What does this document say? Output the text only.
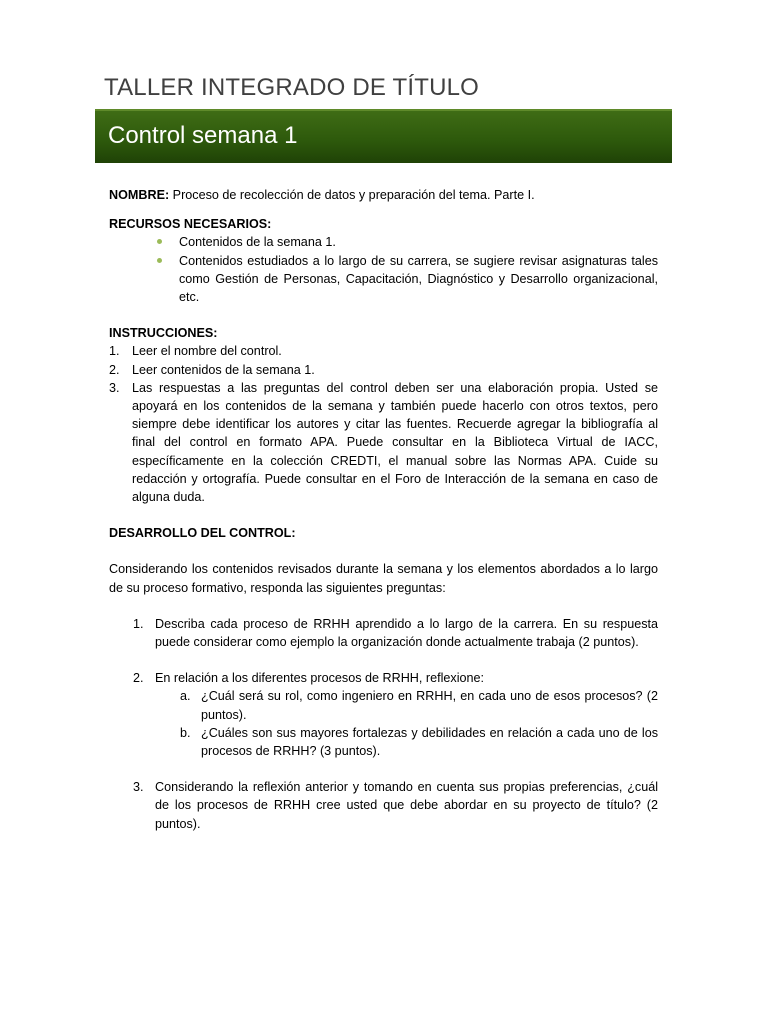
TALLER INTEGRADO DE TÍTULO
Control semana 1

NOMBRE: Proceso de recolección de datos y preparación del tema. Parte I.

RECURSOS NECESARIOS:

Contenidos de la semana 1.
Contenidos estudiados a lo largo de su carrera, se sugiere revisar asignaturas tales como Gestión de Personas, Capacitación, Diagnóstico y Desarrollo organizacional, etc.

INSTRUCCIONES:

1. Leer el nombre del control.
2. Leer contenidos de la semana 1.
3. Las respuestas a las preguntas del control deben ser una elaboración propia. Usted se apoyará en los contenidos de la semana y también puede hacerlo con otros textos, pero siempre debe identificar los autores y citar las fuentes. Recuerde agregar la bibliografía al final del control en formato APA. Puede consultar en la Biblioteca Virtual de IACC, específicamente en la colección CREDTI, el manual sobre las Normas APA. Cuide su redacción y ortografía. Puede consultar en el Foro de Interacción de la semana en caso de alguna duda.

DESARROLLO DEL CONTROL:

Considerando los contenidos revisados durante la semana y los elementos abordados a lo largo de su proceso formativo, responda las siguientes preguntas:

1. Describa cada proceso de RRHH aprendido a lo largo de la carrera. En su respuesta puede considerar como ejemplo la organización donde actualmente trabaja (2 puntos).
2. En relación a los diferentes procesos de RRHH, reflexione:
a. ¿Cuál será su rol, como ingeniero en RRHH, en cada uno de esos procesos? (2 puntos).
b. ¿Cuáles son sus mayores fortalezas y debilidades en relación a cada uno de los procesos de RRHH? (3 puntos).
3. Considerando la reflexión anterior y tomando en cuenta sus propias preferencias, ¿cuál de los procesos de RRHH cree usted que debe abordar en su proyecto de título? (2 puntos).
